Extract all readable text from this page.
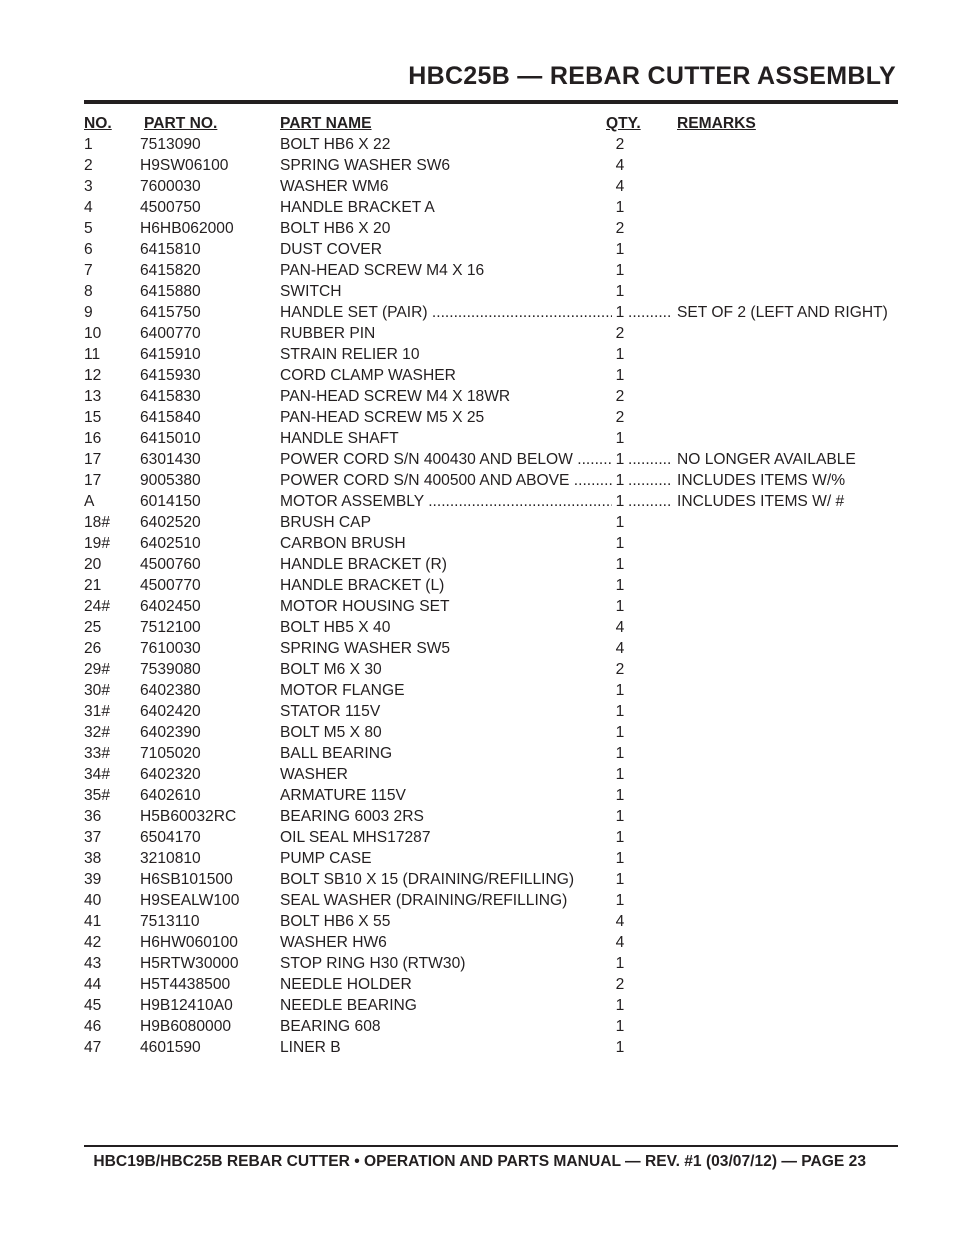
HBC25B — REBAR CUTTER ASSEMBLY
NO. PART NO.	PART NAME	QTY. REMARKS
1	7513090	BOLT HB6 X 22	2
2	H9SW06100	SPRING WASHER SW6	4
3	7600030	WASHER WM6	4
4	4500750	HANDLE BRACKET A	1
5	H6HB062000	BOLT HB6 X 20	2
6	6415810	DUST COVER	1
7	6415820	PAN-HEAD SCREW M4 X 16	1
8	6415880	SWITCH	1
9	6415750	HANDLE SET (PAIR) .....	1 .....	SET OF 2 (LEFT AND RIGHT)
10 6400770	RUBBER PIN	2
11	6415910	STRAIN RELIER 10	1
12 6415930	CORD CLAMP WASHER	1
13 6415830	PAN-HEAD SCREW M4 X 18WR	2
15 6415840	PAN-HEAD SCREW M5 X 25	2
16 6415010	HANDLE SHAFT	1
17 6301430	POWER CORD S/N 400430 AND BELOW .....	1 .....	NO LONGER AVAILABLE
17 9005380	POWER CORD S/N 400500 AND ABOVE .....	1 .....	INCLUDES ITEMS W/%
A	6014150	MOTOR ASSEMBLY .....	1 .....	INCLUDES ITEMS W/ #
18# 6402520	BRUSH CAP	1
19# 6402510	CARBON BRUSH	1
20 4500760	HANDLE BRACKET (R)	1
21 4500770	HANDLE BRACKET (L)	1
24# 6402450	MOTOR HOUSING SET	1
25 7512100	BOLT HB5 X 40	4
26 7610030	SPRING WASHER SW5	4
29# 7539080	BOLT M6 X 30	2
30# 6402380	MOTOR FLANGE	1
31# 6402420	STATOR 115V	1
32# 6402390	BOLT M5 X 80	1
33# 7105020	BALL BEARING	1
34# 6402320	WASHER	1
35# 6402610	ARMATURE 115V	1
36 H5B60032RC	BEARING 6003 2RS	1
37 6504170	OIL SEAL MHS17287	1
38 3210810	PUMP CASE	1
39 H6SB101500	BOLT SB10 X 15 (DRAINING/REFILLING)	1
40 H9SEALW100	SEAL WASHER (DRAINING/REFILLING)	1
41 7513110	BOLT HB6 X 55	4
42 H6HW060100	WASHER HW6	4
43 H5RTW30000	STOP RING H30 (RTW30)	1
44 H5T4438500	NEEDLE HOLDER	2
45 H9B12410A0	NEEDLE BEARING	1
46 H9B6080000	BEARING 608	1
47 4601590	LINER B	1
HBC19B/HBC25B REBAR CUTTER • OPERATION AND PARTS MANUAL — REV. #1 (03/07/12) — PAGE 23
